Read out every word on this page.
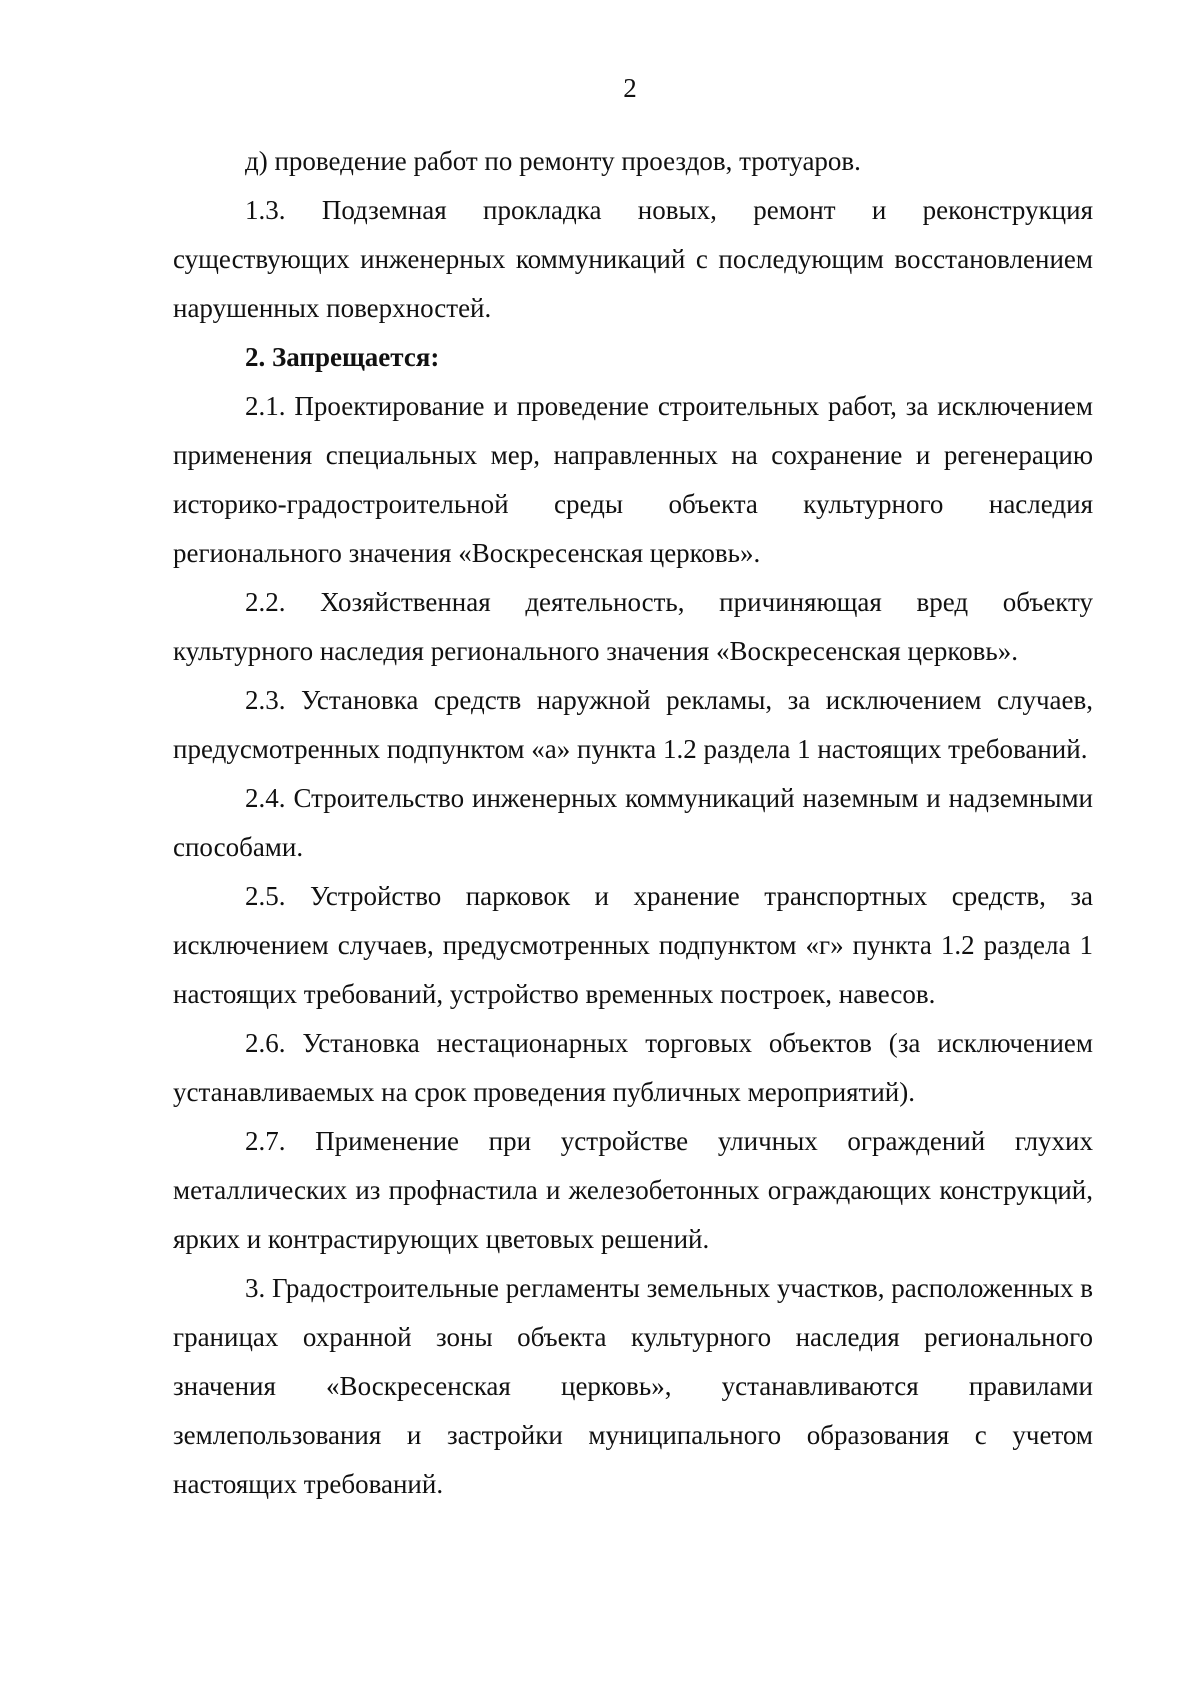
2

д) проведение работ по ремонту проездов, тротуаров.

1.3. Подземная прокладка новых, ремонт и реконструкция существующих инженерных коммуникаций с последующим восстановлением нарушенных поверхностей.

2. Запрещается:

2.1. Проектирование и проведение строительных работ, за исключением применения специальных мер, направленных на сохранение и регенерацию историко-градостроительной среды объекта культурного наследия регионального значения «Воскресенская церковь».

2.2. Хозяйственная деятельность, причиняющая вред объекту культурного наследия регионального значения «Воскресенская церковь».

2.3. Установка средств наружной рекламы, за исключением случаев, предусмотренных подпунктом «а» пункта 1.2 раздела 1 настоящих требований.

2.4. Строительство инженерных коммуникаций наземным и надземными способами.

2.5. Устройство парковок и хранение транспортных средств, за исключением случаев, предусмотренных подпунктом «г» пункта 1.2 раздела 1 настоящих требований, устройство временных построек, навесов.

2.6. Установка нестационарных торговых объектов (за исключением устанавливаемых на срок проведения публичных мероприятий).

2.7. Применение при устройстве уличных ограждений глухих металлических из профнастила и железобетонных ограждающих конструкций, ярких и контрастирующих цветовых решений.

3. Градостроительные регламенты земельных участков, расположенных в границах охранной зоны объекта культурного наследия регионального значения «Воскресенская церковь», устанавливаются правилами землепользования и застройки муниципального образования с учетом настоящих требований.
